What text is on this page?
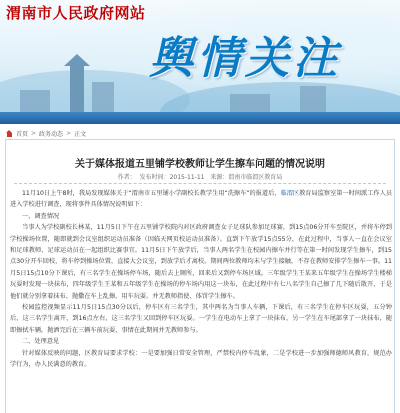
渭南市人民政府网站
舆情关注
首页 > 政务动态 > 正文
关于媒体报道五里铺学校教师让学生擦车问题的情况说明
作者： 发布时间：2015-11-11 来源：渭南市临渭区教育局

11月10日上午8时，我局发现媒体关于“渭南市五里铺小学副校长教学生用“洗擦车”的报道后，临渭区教育局监察室第一时间派工作人员进入学校进行调查，现将事件具体情况说明如下：

一、调查情况

当事人为学校副校长林某，11月5日下午在五里铺学校院内对区政府调查女子足球队参加足球赛，到15点06分开车至院区，并将车停到学校操场位置，随即就到会议室组织运动员准备（因临天网页校运动员准备）。直到下午放学15点55分，在此过程中，当事人一直在会议室和足球教师、足球运动员在一起组织比赛事宜。11月5日下午放学后，当事人两名学生在校园内擦车并行等在第一时间发现学生擦车，到15点30分开车回校，将车停到操场位置，直接大会议室，到放学后才离校。期间两位教师均未与学生接触，不存在教师安排学生擦车一事。11月5日15点10分下课后，有三名学生在操场停车场，随后去上厕所，回来后又到停车场区域。三年级学生王某来五年级学生在操场学生楼梯玩耍时发现一块抹布，四年级学生王某和五年级学生在操场的停车场内用这一块布，在此过程中有七八名学生自己擦了几下随后散开，于是他们就分别拿着抹布、抛撒在车上乱擦，用车玩耍。并无教师指使、体罚学生擦车。

校园监控视频显示11月5日15点30分以后，停车区有三名学生，其中两名为当事人车辆，下课后，有三名学生在停车区玩耍，五分钟后，这三名学生离开，到16点左右，这三名学生又回到停车区玩耍。一学生在电动车上拿了一块抹布，另一学生在车尾部拿了一块抹布，随即擦拭车辆。抛洒完后在三辆车前玩耍，事情在此期间并无教师参与。

二、处理意见

针对媒体反映的问题，区教育局要求学校：一是要加强日常安全管理，严禁校内停车乱象，二是学校进一步加强师德师风教育，规范办学行为，办人民满意的教育。
